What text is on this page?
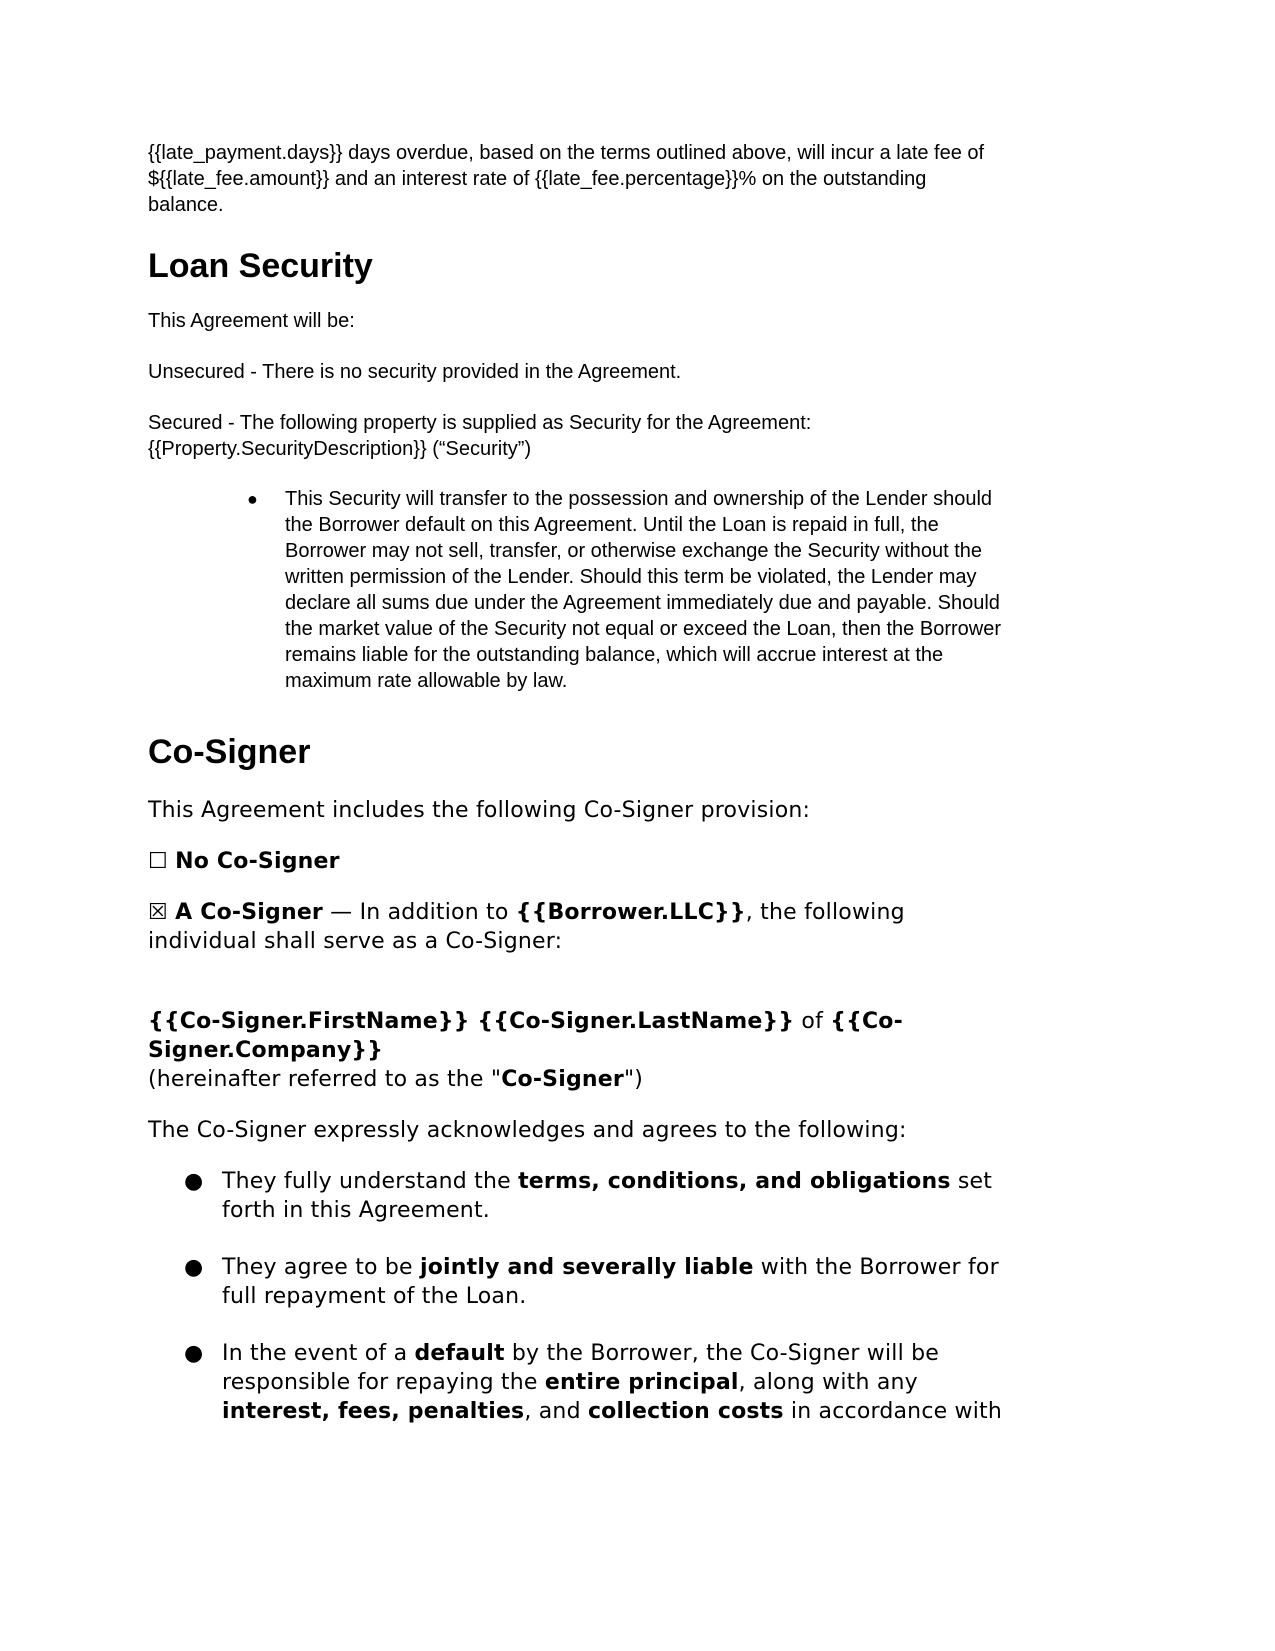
{{late_payment.days}} days overdue, based on the terms outlined above, will incur a late fee of
${{late_fee.amount}} and an interest rate of {{late_fee.percentage}}% on the outstanding
balance.

Loan Security

This Agreement will be:

Unsecured - There is no security provided in the Agreement.

Secured - The following property is supplied as Security for the Agreement:
{{Property.SecurityDescription}} (“Security”)

● This Security will transfer to the possession and ownership of the Lender should
the Borrower default on this Agreement. Until the Loan is repaid in full, the
Borrower may not sell, transfer, or otherwise exchange the Security without the
written permission of the Lender. Should this term be violated, the Lender may
declare all sums due under the Agreement immediately due and payable. Should
the market value of the Security not equal or exceed the Loan, then the Borrower
remains liable for the outstanding balance, which will accrue interest at the
maximum rate allowable by law.
Co-Signer

This Agreement includes the following Co-Signer provision:

☐ No Co-Signer

☒ A Co-Signer — In addition to {{Borrower.LLC}}, the following
individual shall serve as a Co-Signer:

{{Co-Signer.FirstName}} {{Co-Signer.LastName}} of {{Co-
Signer.Company}}
(hereinafter referred to as the "Co-Signer")

The Co-Signer expressly acknowledges and agrees to the following:

● They fully understand the terms, conditions, and obligations set
forth in this Agreement.
● They agree to be jointly and severally liable with the Borrower for
full repayment of the Loan.
● In the event of a default by the Borrower, the Co-Signer will be
responsible for repaying the entire principal, along with any
interest, fees, penalties, and collection costs in accordance with
